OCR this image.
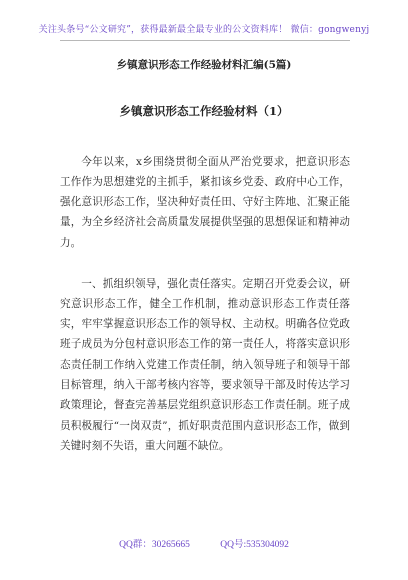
关注头条号“公文研究”，获得最新最全最专业的公文资料库！ 微信：gongwenyj
乡镇意识形态工作经验材料汇编(5篇)
乡镇意识形态工作经验材料（1）

今年以来，x乡围绕贯彻全面从严治党要求，把意识形态工作作为思想建党的主抓手，紧扣该乡党委、政府中心工作，强化意识形态工作，坚决种好责任田、守好主阵地、汇聚正能量，为全乡经济社会高质量发展提供坚强的思想保证和精神动力。

一、抓组织领导，强化责任落实。定期召开党委会议，研究意识形态工作，健全工作机制，推动意识形态工作责任落实，牢牢掌握意识形态工作的领导权、主动权。明确各位党政班子成员为分包村意识形态工作的第一责任人，将落实意识形态责任制工作纳入党建工作责任制，纳入领导班子和领导干部目标管理，纳入干部考核内容等，要求领导干部及时传达学习政策理论，督查完善基层党组织意识形态工作责任制。班子成员积极履行“一岗双责”，抓好职责范围内意识形态工作，做到关键时刻不失语，重大问题不缺位。

QQ群：30265665	QQ号:535304092
